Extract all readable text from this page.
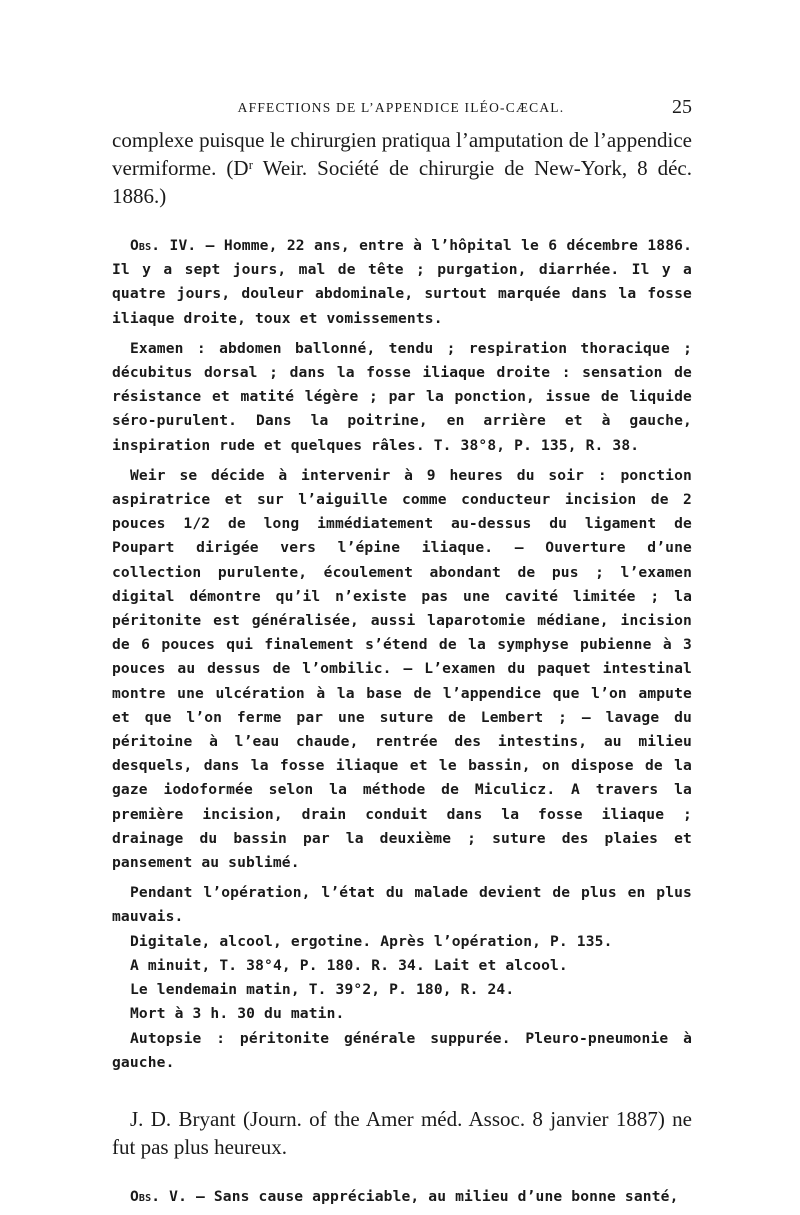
AFFECTIONS DE L’APPENDICE ILÉO-CÆCAL.	25

complexe puisque le chirurgien pratiqua l’amputation de l’appendice vermiforme. (Dʳ Weir. Société de chirurgie de New-York, 8 déc. 1886.)

Obs. IV. — Homme, 22 ans, entre à l’hôpital le 6 décembre 1886. Il y a sept jours, mal de tête ; purgation, diarrhée. Il y a quatre jours, douleur abdominale, surtout marquée dans la fosse iliaque droite, toux et vomissements.

Examen : abdomen ballonné, tendu ; respiration thoracique ; décubitus dorsal ; dans la fosse iliaque droite : sensation de résistance et matité légère ; par la ponction, issue de liquide séro-purulent. Dans la poitrine, en arrière et à gauche, inspiration rude et quelques râles. T. 38°8, P. 135, R. 38.

Weir se décide à intervenir à 9 heures du soir : ponction aspiratrice et sur l’aiguille comme conducteur incision de 2 pouces 1/2 de long immédiatement au-dessus du ligament de Poupart dirigée vers l’épine iliaque. — Ouverture d’une collection purulente, écoulement abondant de pus ; l’examen digital démontre qu’il n’existe pas une cavité limitée ; la péritonite est généralisée, aussi laparotomie médiane, incision de 6 pouces qui finalement s’étend de la symphyse pubienne à 3 pouces au dessus de l’ombilic. — L’examen du paquet intestinal montre une ulcération à la base de l’appendice que l’on ampute et que l’on ferme par une suture de Lembert ; — lavage du péritoine à l’eau chaude, rentrée des intestins, au milieu desquels, dans la fosse iliaque et le bassin, on dispose de la gaze iodoformée selon la méthode de Miculicz. A travers la première incision, drain conduit dans la fosse iliaque ; drainage du bassin par la deuxième ; suture des plaies et pansement au sublimé.

Pendant l’opération, l’état du malade devient de plus en plus mauvais.

Digitale, alcool, ergotine. Après l’opération, P. 135.

A minuit, T. 38°4, P. 180. R. 34. Lait et alcool.

Le lendemain matin, T. 39°2, P. 180, R. 24.

Mort à 3 h. 30 du matin.

Autopsie : péritonite générale suppurée. Pleuro-pneumonie à gauche.

J. D. Bryant (Journ. of the Amer méd. Assoc. 8 janvier 1887) ne fut pas plus heureux.

Obs. V. — Sans cause appréciable, au milieu d’une bonne santé,
